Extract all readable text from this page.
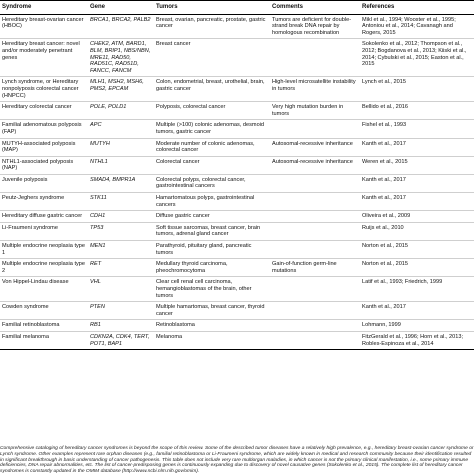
Syndrome	Gene	Tumors	Comments	References
Hereditary breast-ovarian cancer (HBOC)	BRCA1, BRCA2, PALB2	Breast, ovarian, pancreatic, prostate, gastric cancer	Tumors are deficient for double-strand break DNA repair by homologous recombination	Mikl et al., 1994; Wooster et al., 1995; Antoniou et al., 2014; Cavanagh and Rogers, 2015
Hereditary breast cancer: novel and/or moderately penetrant genes	CHEK2, ATM, BARD1, BLM, BRIP1, NBS/NBN, MRE11, RAD50, RAD51C, RAD51D, FANCC, FANCM	Breast cancer		Sokolenko et al., 2012; Thompson et al., 2012; Bogdanova et al., 2013; Kiiski et al., 2014; Cybulski et al., 2015; Easton et al., 2015
Lynch syndrome, or Hereditary nonpolyposis colorectal cancer (HNPCC)	MLH1, MSH2, MSH6, PMS2, EPCAM	Colon, endometrial, breast, urothelial, brain, gastric cancer	High-level microsatellite instability in tumors	Lynch et al., 2015
Hereditary colorectal cancer	POLE, POLD1	Polyposis, colorectal cancer	Very high mutation burden in tumors	Bellido et al., 2016
Familial adenomatous polyposis (FAP)	APC	Multiple (>100) colonic adenomas, desmoid tumors, gastric cancer		Fishel et al., 1993
MUTYH-associated polyposis (MAP)	MUTYH	Moderate number of colonic adenomas, colorectal cancer	Autosomal-recessive inheritance	Kanth et al., 2017
NTHL1-associated polyposis (NAP)	NTHL1	Colorectal cancer	Autosomal-recessive inheritance	Weren et al., 2015
Juvenile polyposis	SMAD4, BMPR1A	Colorectal polyps, colorectal cancer, gastrointestinal cancers		Kanth et al., 2017
Peutz-Jeghers syndrome	STK11	Hamartomatous polyps, gastrointestinal cancers		Kanth et al., 2017
Hereditary diffuse gastric cancer	CDH1	Diffuse gastric cancer		Oliveira et al., 2009
Li-Fraumeni syndrome	TP53	Soft tissue sarcomas, breast cancer, brain tumors, adrenal gland cancer		Ruijs et al., 2010
Multiple endocrine neoplasia type 1	MEN1	Parathyroid, pituitary gland, pancreatic tumors		Norton et al., 2015
Multiple endocrine neoplasia type 2	RET	Medullary thyroid carcinoma, pheochromocytoma	Gain-of-function germ-line mutations	Norton et al., 2015
Von Hippel-Lindau disease	VHL	Clear cell renal cell carcinoma, hemangioblastomas of the brain, other tumors		Latif et al., 1993; Friedrich, 1999
Cowden syndrome	PTEN	Multiple hamartomas, breast cancer, thyroid cancer		Kanth et al., 2017
Familial retinoblastoma	RB1	Retinoblastoma		Lohmann, 1999
Familial melanoma	CDKN2A, CDK4, TERT, POT1, BAP1	Melanoma		FitzGerald et al., 1996; Horn et al., 2013; Robles-Espinoza et al., 2014
Comprehensive cataloging of hereditary cancer syndromes is beyond the scope of this review. Some of the described tumor diseases have a relatively high prevalence, e.g., hereditary breast-ovarian cancer syndrome or Lynch syndrome. Other examples represent rare orphan diseases (e.g., familial retinoblastoma or Li-Fraumeni syndrome, which are widely known in medical and research community because their identification resulted in significant breakthrough in basic understanding of cancer pathogenesis. This table does not include very rare multiorgan maladies, in which cancer is not the primary clinical manifestation, i.e., some primary immune deficiencies, DNA repair abnormalities, etc. The list of cancer-predisposing genes is continuously expanding due to discovery of novel causative genes (Sokolenko et al., 2015). The complete list of hereditary cancer syndromes is constantly updated in the OMIM database (http://www.ncbi.nlm.nih.gov/omim).
